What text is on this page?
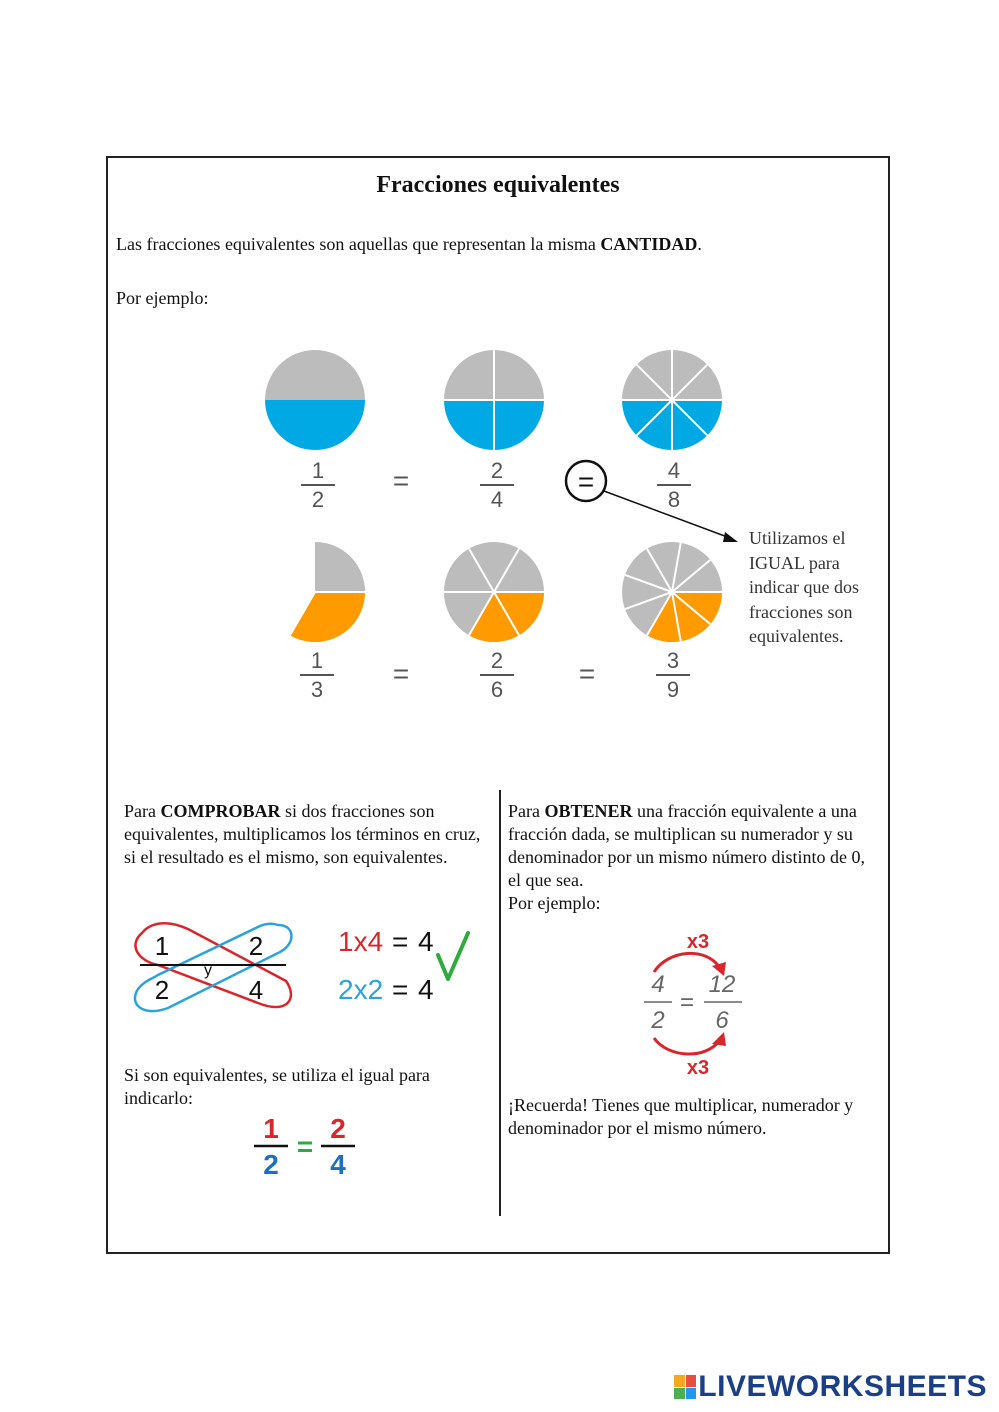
Fracciones equivalentes
Las fracciones equivalentes son aquellas que representan la misma CANTIDAD.
Por ejemplo:
1
2
=	2
4
=	4
8
1
3
=	2
6
=	3
9
Utilizamos el
IGUAL para
indicar que dos
fracciones son
equivalentes.
Para COMPROBAR si dos fracciones son equivalentes, multiplicamos los términos en cruz, si el resultado es el mismo, son equivalentes.
1	2
2	4
y
1x4 = 4
2x2 = 4
Si son equivalentes, se utiliza el igual para indicarlo:
1
2
=
2
4
Para OBTENER una fracción equivalente a una fracción dada, se multiplican su numerador y su denominador por un mismo número distinto de 0, el que sea.
Por ejemplo:
x3
4
2
=
12
6
x3
¡Recuerda! Tienes que multiplicar, numerador y denominador por el mismo número.
LIVEWORKSHEETS
